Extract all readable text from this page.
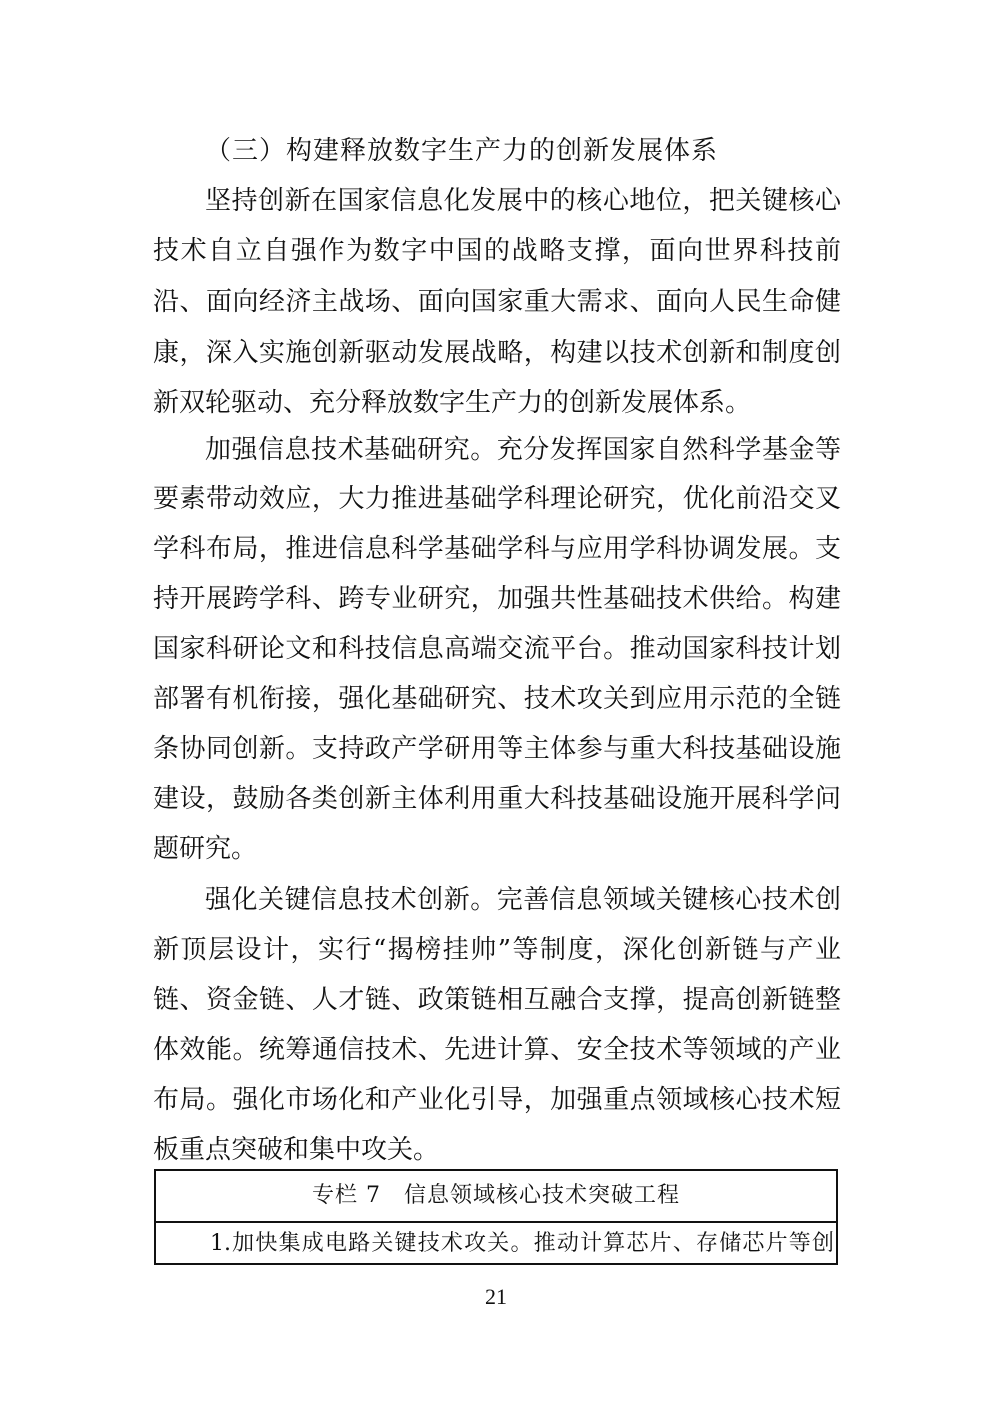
（三）构建释放数字生产力的创新发展体系
坚持创新在国家信息化发展中的核心地位，把关键核心
技术自立自强作为数字中国的战略支撑，面向世界科技前
沿、面向经济主战场、面向国家重大需求、面向人民生命健
康，深入实施创新驱动发展战略，构建以技术创新和制度创
新双轮驱动、充分释放数字生产力的创新发展体系。
加强信息技术基础研究。充分发挥国家自然科学基金等
要素带动效应，大力推进基础学科理论研究，优化前沿交叉
学科布局，推进信息科学基础学科与应用学科协调发展。支
持开展跨学科、跨专业研究，加强共性基础技术供给。构建
国家科研论文和科技信息高端交流平台。推动国家科技计划
部署有机衔接，强化基础研究、技术攻关到应用示范的全链
条协同创新。支持政产学研用等主体参与重大科技基础设施
建设，鼓励各类创新主体利用重大科技基础设施开展科学问
题研究。
强化关键信息技术创新。完善信息领域关键核心技术创
新顶层设计，实行“揭榜挂帅”等制度，深化创新链与产业
链、资金链、人才链、政策链相互融合支撑，提高创新链整
体效能。统筹通信技术、先进计算、安全技术等领域的产业
布局。强化市场化和产业化引导，加强重点领域核心技术短
板重点突破和集中攻关。
专栏 7　信息领域核心技术突破工程
1.加快集成电路关键技术攻关。推动计算芯片、存储芯片等创
21
